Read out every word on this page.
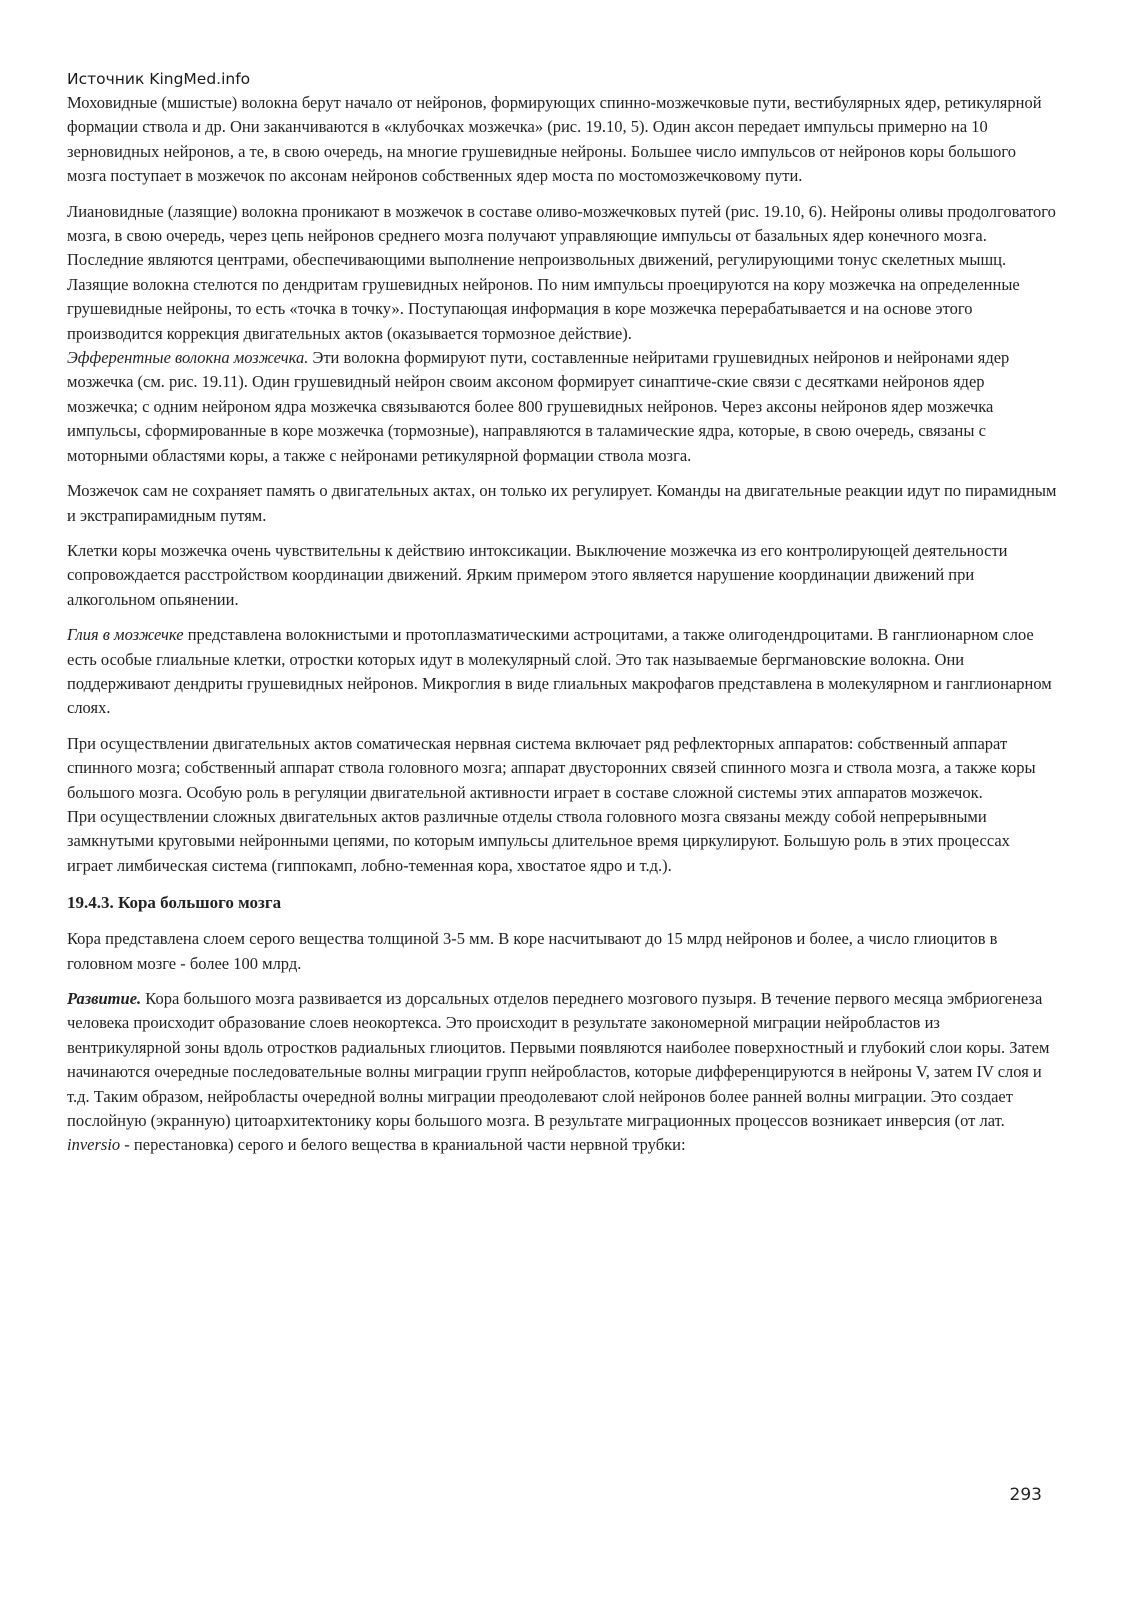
Источник KingMed.info

Моховидные (мшистые) волокна берут начало от нейронов, формирующих спинно-мозжечковые пути, вестибулярных ядер, ретикулярной формации ствола и др. Они заканчиваются в «клубочках мозжечка» (рис. 19.10, 5). Один аксон передает импульсы примерно на 10 зерновидных нейронов, а те, в свою очередь, на многие грушевидные нейроны. Большее число импульсов от нейронов коры большого мозга поступает в мозжечок по аксонам нейронов собственных ядер моста по мостомозжечковому пути.

Лиановидные (лазящие) волокна проникают в мозжечок в составе оливо-мозжечковых путей (рис. 19.10, 6). Нейроны оливы продолговатого мозга, в свою очередь, через цепь нейронов среднего мозга получают управляющие импульсы от базальных ядер конечного мозга. Последние являются центрами, обеспечивающими выполнение непроизвольных движений, регулирующими тонус скелетных мышц. Лазящие волокна стелются по дендритам грушевидных нейронов. По ним импульсы проецируются на кору мозжечка на определенные грушевидные нейроны, то есть «точка в точку». Поступающая информация в коре мозжечка перерабатывается и на основе этого производится коррекция двигательных актов (оказывается тормозное действие).

Эфферентные волокна мозжечка. Эти волокна формируют пути, составленные нейритами грушевидных нейронов и нейронами ядер мозжечка (см. рис. 19.11). Один грушевидный нейрон своим аксоном формирует синаптиче-ские связи с десятками нейронов ядер мозжечка; с одним нейроном ядра мозжечка связываются более 800 грушевидных нейронов. Через аксоны нейронов ядер мозжечка импульсы, сформированные в коре мозжечка (тормозные), направляются в таламические ядра, которые, в свою очередь, связаны с моторными областями коры, а также с нейронами ретикулярной формации ствола мозга.

Мозжечок сам не сохраняет память о двигательных актах, он только их регулирует. Команды на двигательные реакции идут по пирамидным и экстрапирамидным путям.

Клетки коры мозжечка очень чувствительны к действию интоксикации. Выключение мозжечка из его контролирующей деятельности сопровождается расстройством координации движений. Ярким примером этого является нарушение координации движений при алкогольном опьянении.

Глия в мозжечке представлена волокнистыми и протоплазматическими астроцитами, а также олигодендроцитами. В ганглионарном слое есть особые глиальные клетки, отростки которых идут в молекулярный слой. Это так называемые бергмановские волокна. Они поддерживают дендриты грушевидных нейронов. Микроглия в виде глиальных макрофагов представлена в молекулярном и ганглионарном слоях.

При осуществлении двигательных актов соматическая нервная система включает ряд рефлекторных аппаратов: собственный аппарат спинного мозга; собственный аппарат ствола головного мозга; аппарат двусторонних связей спинного мозга и ствола мозга, а также коры большого мозга. Особую роль в регуляции двигательной активности играет в составе сложной системы этих аппаратов мозжечок.

При осуществлении сложных двигательных актов различные отделы ствола головного мозга связаны между собой непрерывными замкнутыми круговыми нейронными цепями, по которым импульсы длительное время циркулируют. Большую роль в этих процессах играет лимбическая система (гиппокамп, лобно-теменная кора, хвостатое ядро и т.д.).

19.4.3. Кора большого мозга

Кора представлена слоем серого вещества толщиной 3-5 мм. В коре насчитывают до 15 млрд нейронов и более, а число глиоцитов в головном мозге - более 100 млрд.

Развитие. Кора большого мозга развивается из дорсальных отделов переднего мозгового пузыря. В течение первого месяца эмбриогенеза человека происходит образование слоев неокортекса. Это происходит в результате закономерной миграции нейробластов из вентрикулярной зоны вдоль отростков радиальных глиоцитов. Первыми появляются наиболее поверхностный и глубокий слои коры. Затем начинаются очередные последовательные волны миграции групп нейробластов, которые дифференцируются в нейроны V, затем IV слоя и т.д. Таким образом, нейробласты очередной волны миграции преодолевают слой нейронов более ранней волны миграции. Это создает послойную (экранную) цитоархитектонику коры большого мозга. В результате миграционных процессов возникает инверсия (от лат. inversio - перестановка) серого и белого вещества в краниальной части нервной трубки:

293
